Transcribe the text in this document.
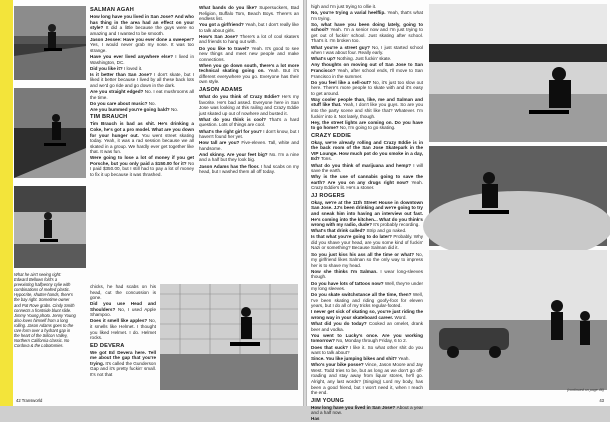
What he ain't seeing right: Edward Bellows fold's a preexisting halfpenny cylie with combinations of melted plastic. Hypocrite, shutter-hands, there's the bay right. Sometime owner and Pat Rove grabs. Cindy Smith connects a frontside blunt slide. Jimmy Young photo. Jenny Young also loves himself from a long rolling. Jason Adams goes to the rare form over a hydrant gap in the heart of the Silicon Valley, Northern California classic. No Cordova & the Lobotomies.
SALMAN AGAH

How long have you lived in San Jose? And who has thing in the area had an effect on your style? It did a little because the guys were so amazing and I wanted to be smooth.

Jason Jessee: Have you ever done a sweeper? Yes, I would never grab my nose. It was too strange.

Have you ever lived anywhere else? I lived in Washington, DC.

Did you like it? I loved it.

Is it better than San Jose? I don't skate, but I liked it better because I lived by all these back lots and we'd go ride and go down in the dark.

Are you straight edged? No. I eat mushrooms all the time.

Do you care about music? No.

Are you bummed you're going bald? No.

TIM BRAUCH

Tim Brauch is bad as shit. He's drinking a Coke, he's got a pro model. What are you down for your hunger out. You went street skating today. Yeah, it was a rad session because we all skated in a group. We hardly ever get together like that. It was fun.

Were going to lose a lot of money if you get Porsche, but you only paid a $150.00 for it? No I paid $350.00, but I still had to pay a lot of money to fix it up because it was thrashed.

What bands do you like? Supersuckers, Bad Religion, Buffalo Tom, Beach Boys. There's an endless list.

You got a girlfriend? Yeah, but I don't really like to talk about girls.

How's San Jose? There's a lot of cool skaters and friends to hang out with.

Do you like to travel? Yeah. It's good to see new things and meet new people and make connections.

When you go down south, there's a lot more technical skating going on. Yeah. But it's different everywhere you go. Everyone has their own style.

JASON ADAMS

What do you think of Crazy Eddie? He's my favorite. He's bad assed. Everyone here in San Jose was looking at this railing and Crazy Eddie just skated up out of nowhere and busted it.

What do you think is cool? That's a hard question. Lots of things are cool.

What's the right girl for you? I don't know, but I haven't found her yet.

How tall are you? Five-eleven. Tall, white and handsome.

And skinny. Are your feet big? No. I'm a nine and a half but they look big.

Jason Adams has the floor. I had scabs on my head, but I washed them all off today.

chicks, he had scabs on his head, cut the concussion is gone.

Did you use Head and Shoulders? No, I used Apple Shampoo.

Does it smell like apples? No, it smells like Helmet. I thought you liked Helmet. I do. Helmet rocks.

ED DEVERA

We got Ed Devera here. Tell me about the gap that you're trying. It's called the Gunderson Gap and it's pretty fuckin' small. It's not that

42 Transworld

high and I'm just trying to ollie it.

No, you're trying a varial heelflip. Yeah, that's what I'm trying.

So, what have you been doing lately, going to school? Yeah. I'm a senior now and I'm just trying to get out of fuckin' school. Just skating after school. That's it. I'm broken too.

What you're a street guy? No, I just started school when I was about four. Really early.

What's up? Nothing. Just fuckin' skate.

Any thoughts on moving out of San Jose to San Francisco? Yeah, after school ends, I'll move to San Francisco in the summer.

Do you feel like a sell-out? No, it's just too slow out here. There's more people to skate with and it's easy to get around.

Way cooler people than, like, me and Salman and stuff like that. Yeah, I don't like you guys. So are you into the party scene and shit like that? Whatever. I'm fuckin' into it. Not lately, though.

Hey, the street lights are coming on. Do you have to go home? No, I'm going to go skating.

CRAZY EDDIE

Okay, we're already rolling and Crazy Eddie is in the back room of the San Jose Skatepark in the VIP Lounge. How much pot do you smoke in a day, Ed? Tons.

What do you think of marijuana and hemp? I will save the earth.

Why is the use of cannabis going to save the earth? Are you on any drugs right now? Yeah. Crazy Eddie's lit. He's a stoner.

JJ ROGERS

Okay, we're at the 11th Street House in downtown San Jose. JJ's been drinking and we're going to try and sneak him into having an interview out fast. He's coming into the kitchen... What do you think's wrong with my radio, dude? It's probably recording.

What's that drink called? Strip and go naked.

Is that what you're going to do later? Probably. Why did you shave your head, are you some kind of fuckin' Nazi or something? Because Salman did it.

So you just kiss his ass all the time or what? No, my girlfriend likes Salman so the only way to impress her is to shave my head.

Now she thinks I'm Salman. I wear long-sleeves though.

Do you have lots of tattoos now? Well, they're under my long sleeves.

Do you skate switchstance all the time, then? Well, I've been skating and riding goofy-foot for eleven years, but I do all of my tricks regular-footed.

I never get sick of skating so, you're just riding the wrong way in your skateboard career. Word.

What did you do today? Cooked an omelet, drank beer and vodka.

You went to Lucky's once. Are you working tomorrow? No, Monday through Friday, 6 to 2.

Does that suck? I like it. So what other shit do you want to talk about?

Since. You like jumping bikes and shit? Yeah.

Who's your bike posse? Vince, Jason Moore and Jay West. Todd tries to be, but as long as we don't go off-roading and stay away from liquor stores, he'll go. Alright, any last words? (Singing) Lord my body, has been a good friend, but I won't need it, when I reach the end.

JIM YOUNG

How long have you lived in San Jose? About a year and a half now.

Has

(continued on page 46)
43
